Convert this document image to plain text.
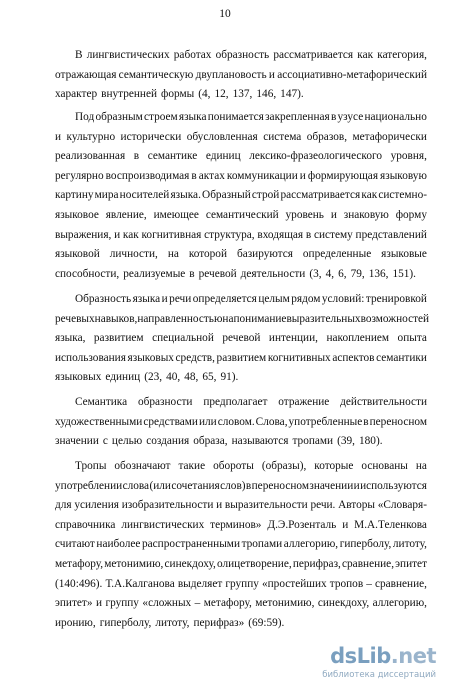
10
В лингвистических работах образность рассматривается как категория,
отражающая семантическую двуплановость и ассоциативно-метафорический
характер внутренней формы (4, 12, 137, 146, 147).
Под образным строем языка понимается закрепленная в узусе национально
и культурно исторически обусловленная система образов, метафорически
реализованная в семантике единиц лексико-фразеологического уровня,
регулярно воспроизводимая в актах коммуникации и формирующая языковую
картину мира носителей языка. Образный строй рассматривается как системно-
языковое явление, имеющее семантический уровень и знаковую форму
выражения, и как когнитивная структура, входящая в систему представлений
языковой личности, на которой базируются определенные языковые
способности, реализуемые в речевой деятельности (3, 4, 6, 79, 136, 151).
Образность языка и речи определяется целым рядом условий: тренировкой
речевых навыков, направленностью на понимание выразительных возможностей
языка, развитием специальной речевой интенции, накоплением опыта
использования языковых средств, развитием когнитивных аспектов семантики
языковых единиц (23, 40, 48, 65, 91).
Семантика образности предполагает отражение действительности
художественными средствами или словом. Слова, употребленные в переносном
значении с целью создания образа, называются тропами (39, 180).
Тропы обозначают такие обороты (образы), которые основаны на
употреблении слова (или сочетания слов) в переносном значении и используются
для усиления изобразительности и выразительности речи. Авторы «Словаря-
справочника лингвистических терминов» Д.Э.Розенталь и М.А.Теленкова
считают наиболее распространенными тропами аллегорию, гиперболу, литоту,
метафору, метонимию, синекдоху, олицетворение, перифраз, сравнение, эпитет
(140:496). Т.А.Калганова выделяет группу «простейших тропов – сравнение,
эпитет» и группу «сложных – метафору, метонимию, синекдоху, аллегорию,
иронию, гиперболу, литоту, перифраз» (69:59).
dsLib.net
библиотека диссертаций
